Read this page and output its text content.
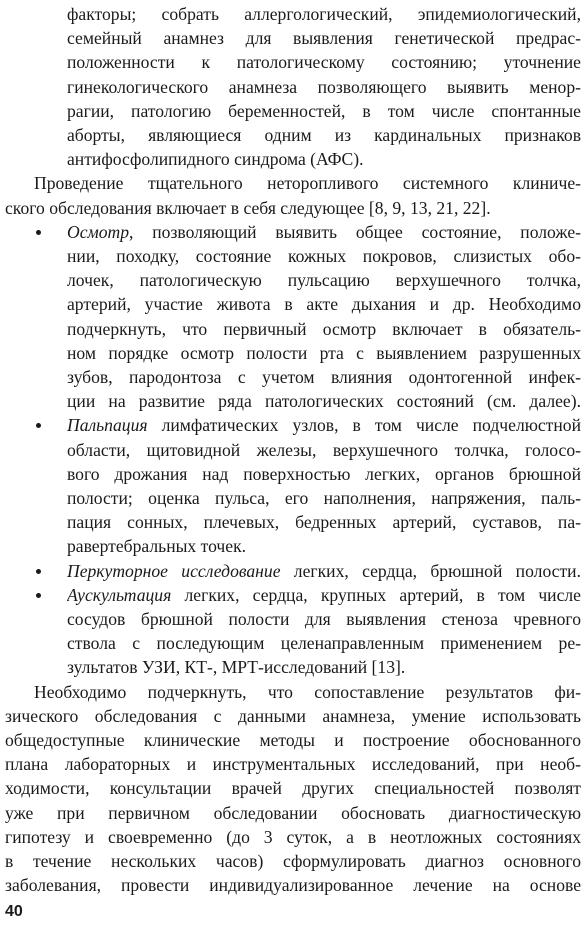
факторы; собрать аллергологический, эпидемиологический,
семейный анамнез для выявления генетической предрас-
положенности к патологическому состоянию; уточнение
гинекологического анамнеза позволяющего выявить менор-
рагии, патологию беременностей, в том числе спонтанные
аборты, являющиеся одним из кардинальных признаков
антифосфолипидного синдрома (АФС).
Проведение тщательного неторопливого системного клиниче-
ского обследования включает в себя следующее [8, 9, 13, 21, 22].
Осмотр, позволяющий выявить общее состояние, положе-
нии, походку, состояние кожных покровов, слизистых обо-
лочек, патологическую пульсацию верхушечного толчка,
артерий, участие живота в акте дыхания и др. Необходимо
подчеркнуть, что первичный осмотр включает в обязатель-
ном порядке осмотр полости рта с выявлением разрушенных
зубов, пародонтоза с учетом влияния одонтогенной инфек-
ции на развитие ряда патологических состояний (см. далее).
Пальпация лимфатических узлов, в том числе подчелюстной
области, щитовидной железы, верхушечного толчка, голосо-
вого дрожания над поверхностью легких, органов брюшной
полости; оценка пульса, его наполнения, напряжения, паль-
пация сонных, плечевых, бедренных артерий, суставов, па-
равертебральных точек.
Перкуторное исследование легких, сердца, брюшной полости.
Аускультация легких, сердца, крупных артерий, в том числе
сосудов брюшной полости для выявления стеноза чревного
ствола с последующим целенаправленным применением ре-
зультатов УЗИ, КТ-, МРТ-исследований [13].
Необходимо подчеркнуть, что сопоставление результатов фи-
зического обследования с данными анамнеза, умение использовать
общедоступные клинические методы и построение обоснованного
плана лабораторных и инструментальных исследований, при необ-
ходимости, консультации врачей других специальностей позволят
уже при первичном обследовании обосновать диагностическую
гипотезу и своевременно (до 3 суток, а в неотложных состояниях
в течение нескольких часов) сформулировать диагноз основного
заболевания, провести индивидуализированное лечение на основе
40
